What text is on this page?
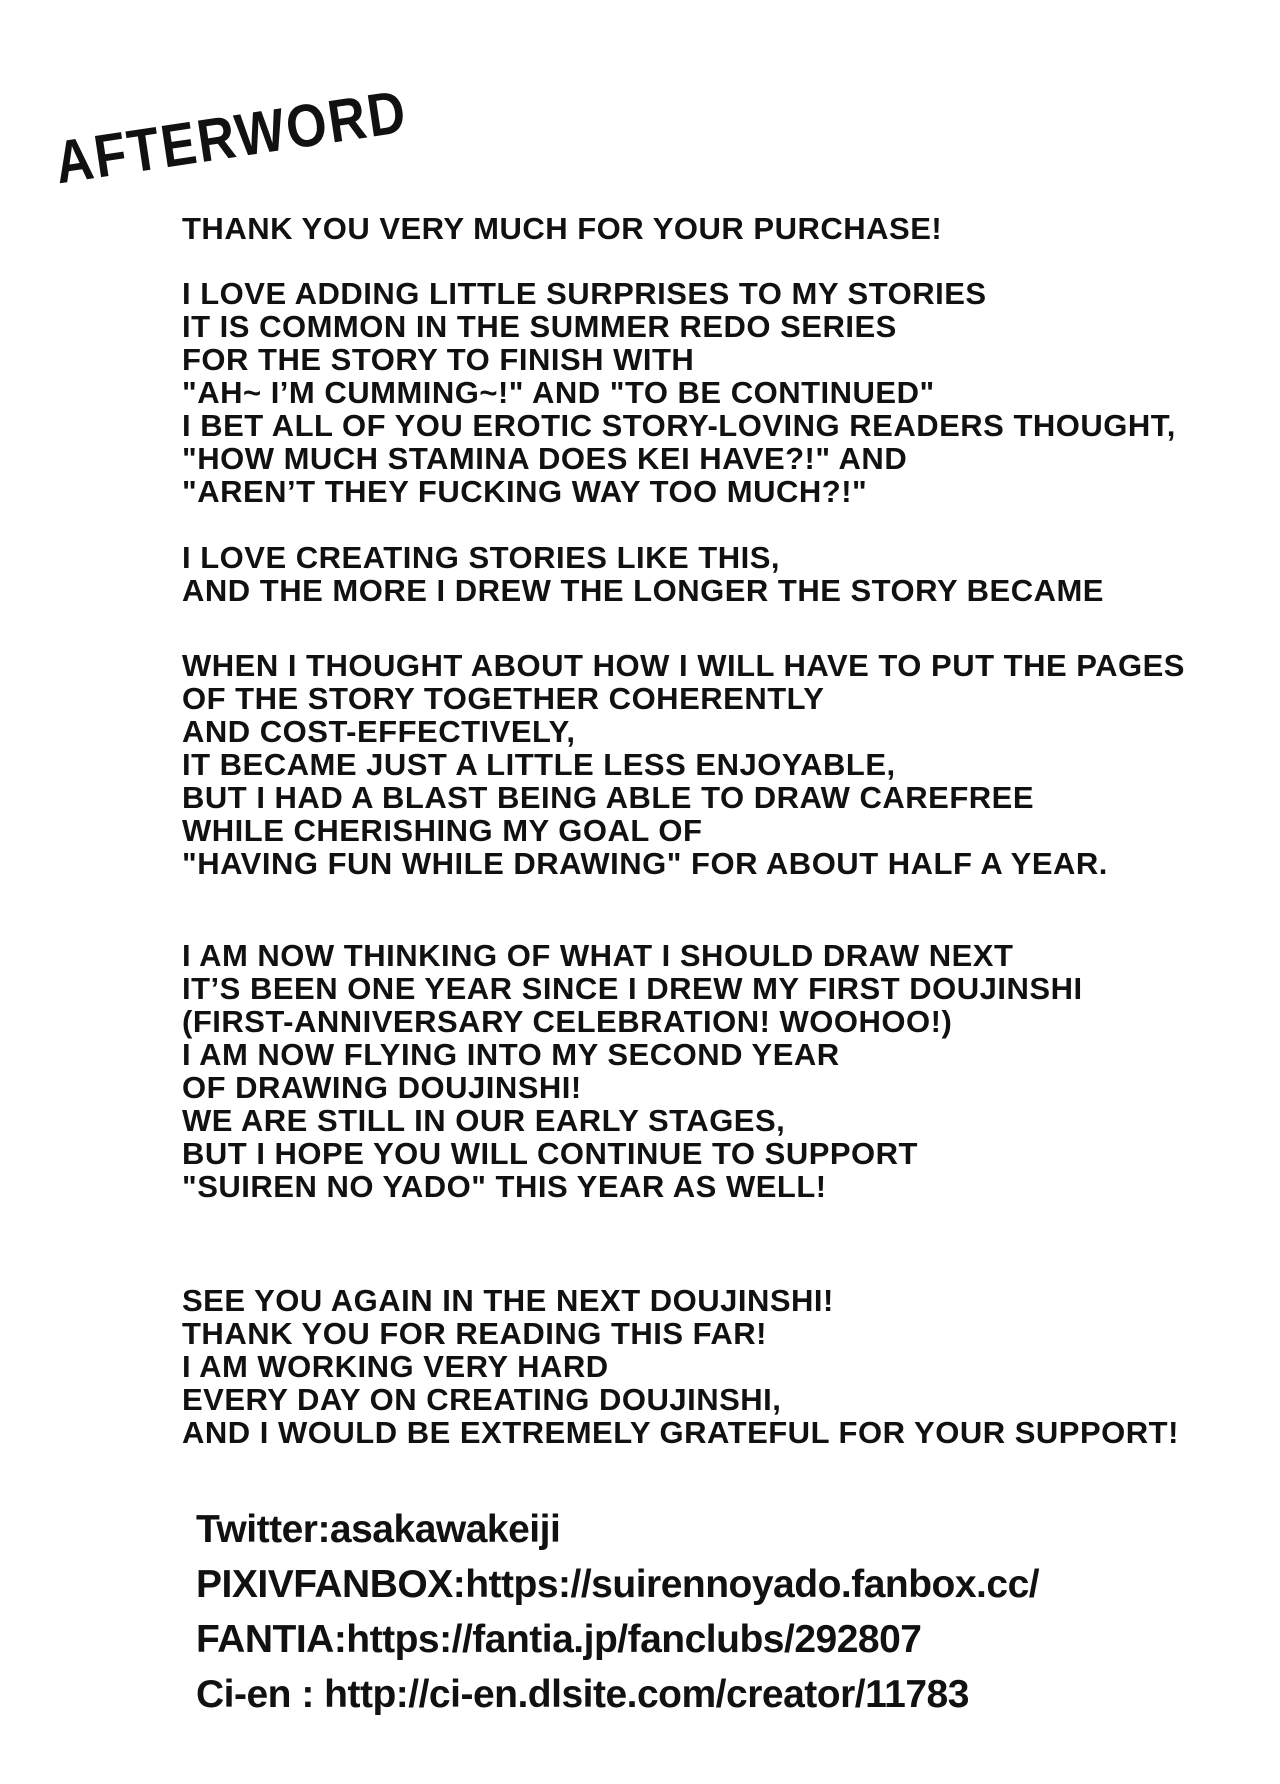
AFTERWORD
THANK YOU VERY MUCH FOR YOUR PURCHASE!
I LOVE ADDING LITTLE SURPRISES TO MY STORIES
IT IS COMMON IN THE SUMMER REDO SERIES
FOR THE STORY TO FINISH WITH
"AH~ I’M CUMMING~!" AND "TO BE CONTINUED"
I BET ALL OF YOU EROTIC STORY-LOVING READERS THOUGHT,
"HOW MUCH STAMINA DOES KEI HAVE?!" AND
"AREN’T THEY FUCKING WAY TOO MUCH?!"
I LOVE CREATING STORIES LIKE THIS,
AND THE MORE I DREW THE LONGER THE STORY BECAME
WHEN I THOUGHT ABOUT HOW I WILL HAVE TO PUT THE PAGES
OF THE STORY TOGETHER COHERENTLY
AND COST-EFFECTIVELY,
IT BECAME JUST A LITTLE LESS ENJOYABLE,
BUT I HAD A BLAST BEING ABLE TO DRAW CAREFREE
WHILE CHERISHING MY GOAL OF
"HAVING FUN WHILE DRAWING" FOR ABOUT HALF A YEAR.
I AM NOW THINKING OF WHAT I SHOULD DRAW NEXT
IT’S BEEN ONE YEAR SINCE I DREW MY FIRST DOUJINSHI
(FIRST-ANNIVERSARY CELEBRATION! WOOHOO!)
I AM NOW FLYING INTO MY SECOND YEAR
OF DRAWING DOUJINSHI!
WE ARE STILL IN OUR EARLY STAGES,
BUT I HOPE YOU WILL CONTINUE TO SUPPORT
"SUIREN NO YADO" THIS YEAR AS WELL!
SEE YOU AGAIN IN THE NEXT DOUJINSHI!
THANK YOU FOR READING THIS FAR!
I AM WORKING VERY HARD
EVERY DAY ON CREATING DOUJINSHI,
AND I WOULD BE EXTREMELY GRATEFUL FOR YOUR SUPPORT!
Twitter:asakawakeiji
PIXIVFANBOX:https://suirennoyado.fanbox.cc/
FANTIA:https://fantia.jp/fanclubs/292807
Ci-en : http://ci-en.dlsite.com/creator/11783
